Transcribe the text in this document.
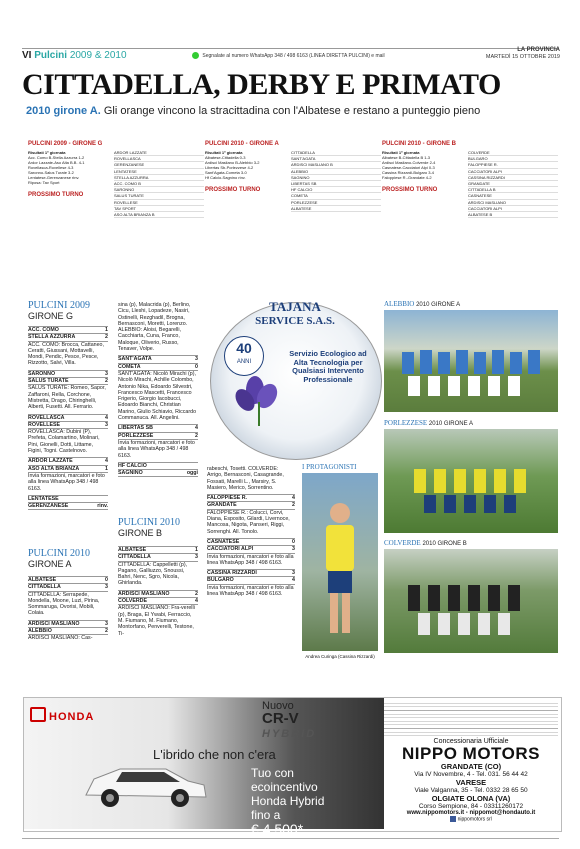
VI Pulcini 2009 & 2010	Segnalate al numero WhatsApp 348 / 498 6163 (LINEA DIRETTA PULCINI) e mail
LA PROVINCIA
MARTEDÌ 15 OTTOBRE 2019
CITTADELLA, DERBY E PRIMATO
2010 girone A. Gli orange vincono la stracittadina con l'Albatese e restano a punteggio pieno
PULCINI 2009 - GIRONE G
Risultati 1ª giornata
Acc. Como B-Stella Azzurra 1-2
Ardor Lazzate-Aso Alta B.B. 4-1
Rovellasca-Rovellese 4-3
Saronno-Salus Turate 3-2
Lentatese-Gerenzanese rinv.
Riposa: Tav Sport
PROSSIMO TURNO
ARDOR LAZZATE
ROVELLASCA
GERENZANESE
LENTATESE
STELLA AZZURRA
ACC. COMO B
SARONNO
SALUS TURATE
ROVELLESE
TAV SPORT
ASO ALTA BRIANZA B
PULCINI 2010 - GIRONE A
Risultati 1ª giornata
Albatese-Cittadella 0-3
Ardisci Masliano B-Alebbio 3-2
Libertas Sb-Porlezzese 4-2
Sant'Agata-Cometa 3-0
Hf Calcio-Sagnino rinv.
PROSSIMO TURNO
CITTADELLA
SANT'AGATA
ARDISCI MASLIANO B
ALEBBIO
SAGNINO
LIBERTAS SB
HF CALCIO
COMETA
PORLEZZESE
ALBATESE
PULCINI 2010 - GIRONE B
Risultati 1ª giornata
Albatese B-Cittadella B 1-3
Ardisci Masliano-Colverde 2-4
Casnatese-Cacciatori Alpi 0-3
Cassina Rizzardi-Bulgaro 3-4
Faloppiese R.-Grandate 4-2
PROSSIMO TURNO
COLVERDE
BULGARO
FALOPPIESE R.
CACCIATORI ALPI
CASSINA RIZZARDI
GRANDATE
CITTADELLA B
CASNATESE
ARDISCI MASLIANO
CACCIATORI ALPI
ALBATESE B
PULCINI 2009
GIRONE G
ACC. COMO	1
STELLA AZZURRA	2
ACC. COMO: Brocca, Cattaneo, Ceratti, Giussani, Mottavelli, Mondi, Pendic, Pesce, Pesce, Rizzotto, Salvi, Villa.
SARONNO	3
SALUS TURATE	2
SALUS TURATE: Romeo, Sapor, Zaffaroni, Rella, Corchone, Mistretta, Drago, Chiringhelli, Alberti, Fusetti. All. Ferrario.
ROVELLASCA	4
ROVELLESE	3
ROVELLASCA: Dubini (P), Prefeta, Colamartino, Molinari, Pini, Gionelli, Dotti, Littame, Figini, Togni. Castelnovo.
ARDOR LAZZATE	4
ASO ALTA BRIANZA	1
Invia formazioni, marcatori e foto alla linea WhatsApp 348 / 498 6163.
LENTATESE
GERENZANESE	rinv.
PULCINI 2010
GIRONE A
ALBATESE	0
CITTADELLA	3
CITTADELLA: Serrapede, Mondella, Moone, Luzi, Pirina, Sommaruga, Ovorisi, Mobili, Colaia.
ARDISCI MASLIANO	3
ALEBBIO	2
ARDISCI MASLIANO: Cas-
sina (p), Malacrida (p), Berlino, Cicu, Lleshi, Lopadeze, Nasiri, Ostinelli, Rezghadil, Brogna, Bernasconi, Moretti, Lorenzo. ALEBBIO: Aloisi, Begarelli, Cacchiarta, Cuna, Franco, Maloque, Oliverio, Russo, Tenaver, Volpe.
SANT'AGATA	3
COMETA	0
SANT'AGATA: Nicolò Mirachi (p), Nicolò Mirachi, Achille Colombo, Antonio Nika, Edoardo Silvestri, Francesco Mascetti, Francesco Frigerio, Giorgio Iacobucci, Edoardo Bianchi, Christian Marino, Giulio Schiavio, Riccardo Commanuca. All. Angelini.
LIBERTAS SB	4
PORLEZZESE	2
Invia formazioni, marcatori e foto alla linea WhatsApp 348 / 498 6163.
HF CALCIO
SAGNINO	oggi
PULCINI 2010
GIRONE B
ALBATESE	1
CITTADELLA	3
CITTADELLA: Cappelletti (p), Pagano, Galliuzzo, Snoussi, Bahri, Nenc, Sgro, Nicola, Ghirlanda.
ARDISCI MASLIANO	2
COLVERDE	4
ARDISCI MASLIANO: Fra-verelli (p), Braga, El Ywabi, Ferraccio, M. Fiumano, M. Fiumano, Montorfano, Penverelli, Testone, Ti-
rabeschi, Tosetti. COLVERDE: Arrigo, Bernasconi, Casagrande, Fossati, Marelli L., Marsiry, S. Masiero, Merico, Sorrentino.
FALOPPIESE R.	4
GRANDATE	2
FALOPPIESE R.: Colucci, Corvi, Diana, Esposito, Gilardi, Livernoce, Mancosa, Nigota, Panseri, Riggi, Sorrenghi. All. Tonolo.
CASNATESE	0
CACCIATORI ALPI	3
Invia formazioni, marcatori e foto alla linea WhatsApp 348 / 498 6163.
CASSINA RIZZARDI	3
BULGARO	4
Invia formazioni, marcatori e foto alla linea WhatsApp 348 / 498 6163.
TAJANA
SERVICE S.A.S.
40
ANNI
Servizio Ecologico ad Alta Tecnologia per Qualsiasi Intervento Professionale
I PROTAGONISTI
Andrea Curinga (Cassina Rizzardi)
ALEBBIO 2010 GIRONE A
PORLEZZESE 2010 GIRONE A
COLVERDE 2010 GIRONE B
HONDA
Nuovo
CR-V
HYBRID
L'ibrido che non c'era
Tuo con
ecoincentivo
Honda Hybrid
fino a
€ 4.500*
Concessionaria Ufficiale
NIPPO MOTORS
GRANDATE (CO)
Via IV Novembre, 4 - Tel. 031. 56 44 42
VARESE
Viale Valganna, 35 - Tel. 0332 28 65 50
OLGIATE OLONA (VA)
Corso Sempione, 84 - 03311260172
www.nippomotors.it - nippomot@hondauto.it
nippomotors srl
